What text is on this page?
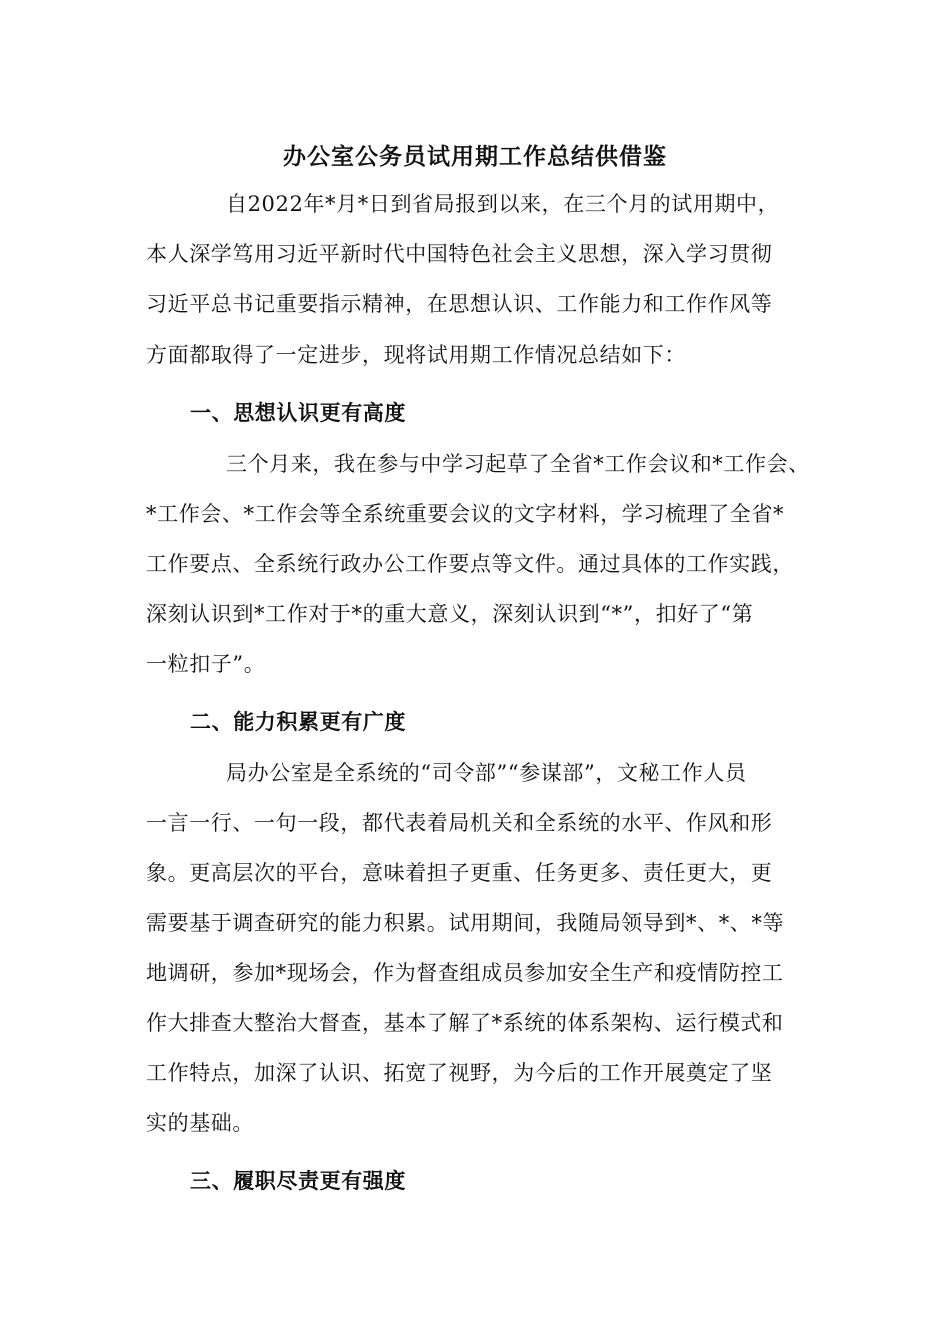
办公室公务员试用期工作总结供借鉴
自2022年*月*日到省局报到以来，在三个月的试用期中，
本人深学笃用习近平新时代中国特色社会主义思想，深入学习贯彻
习近平总书记重要指示精神，在思想认识、工作能力和工作作风等
方面都取得了一定进步，现将试用期工作情况总结如下：
一、思想认识更有高度
三个月来，我在参与中学习起草了全省*工作会议和*工作会、
*工作会、*工作会等全系统重要会议的文字材料，学习梳理了全省*
工作要点、全系统行政办公工作要点等文件。通过具体的工作实践，
深刻认识到*工作对于*的重大意义，深刻认识到“*”，扣好了“第
一粒扣子”。
二、能力积累更有广度
局办公室是全系统的“司令部”“参谋部”，文秘工作人员
一言一行、一句一段，都代表着局机关和全系统的水平、作风和形
象。更高层次的平台，意味着担子更重、任务更多、责任更大，更
需要基于调查研究的能力积累。试用期间，我随局领导到*、*、*等
地调研，参加*现场会，作为督查组成员参加安全生产和疫情防控工
作大排查大整治大督查，基本了解了*系统的体系架构、运行模式和
工作特点，加深了认识、拓宽了视野，为今后的工作开展奠定了坚
实的基础。
三、履职尽责更有强度
